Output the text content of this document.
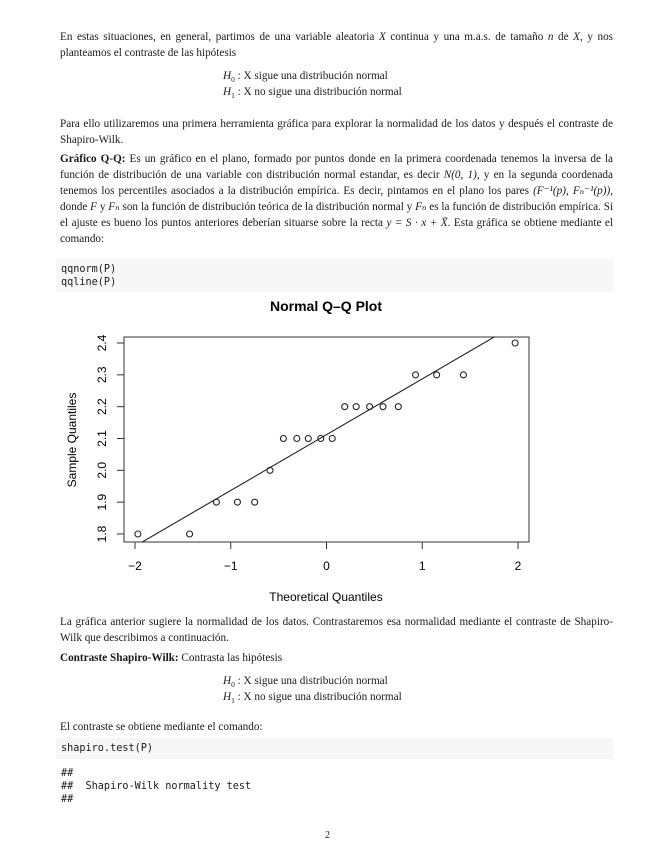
En estas situaciones, en general, partimos de una variable aleatoria X continua y una m.a.s. de tamaño n de X, y nos planteamos el contraste de las hipótesis
$H_0$ : X sigue una distribución normal
$H_1$ : X no sigue una distribución normal
Para ello utilizaremos una primera herramienta gráfica para explorar la normalidad de los datos y después el contraste de Shapiro-Wilk.
Gráfico Q-Q: Es un gráfico en el plano, formado por puntos donde en la primera coordenada tenemos la inversa de la función de distribución de una variable con distribución normal estandar, es decir N(0, 1), y en la segunda coordenada tenemos los percentiles asociados a la distribución empírica. Es decir, pintamos en el plano los pares (F⁻¹(p), Fₙ⁻¹(p)), donde F y Fₙ son la función de distribución teórica de la distribución normal y Fₙ es la función de distribución empírica. Si el ajuste es bueno los puntos anteriores deberían situarse sobre la recta y = S · x + X̄. Esta gráfica se obtiene mediante el comando:
qqnorm(P)
qqline(P)
Normal Q–Q Plot
1.8
1.9
2.0
2.1
2.2
2.3
2.4
−2	−1	0	1	2
Theoretical Quantiles
Sample Quantiles
La gráfica anterior sugiere la normalidad de los datos. Contrastaremos esa normalidad mediante el contraste de Shapiro-Wilk que describimos a continuación.
Contraste Shapiro-Wilk: Contrasta las hipótesis
$H_0$ : X sigue una distribución normal
$H_1$ : X no sigue una distribución normal
El contraste se obtiene mediante el comando:
shapiro.test(P)
##
##  Shapiro-Wilk normality test
##
2
